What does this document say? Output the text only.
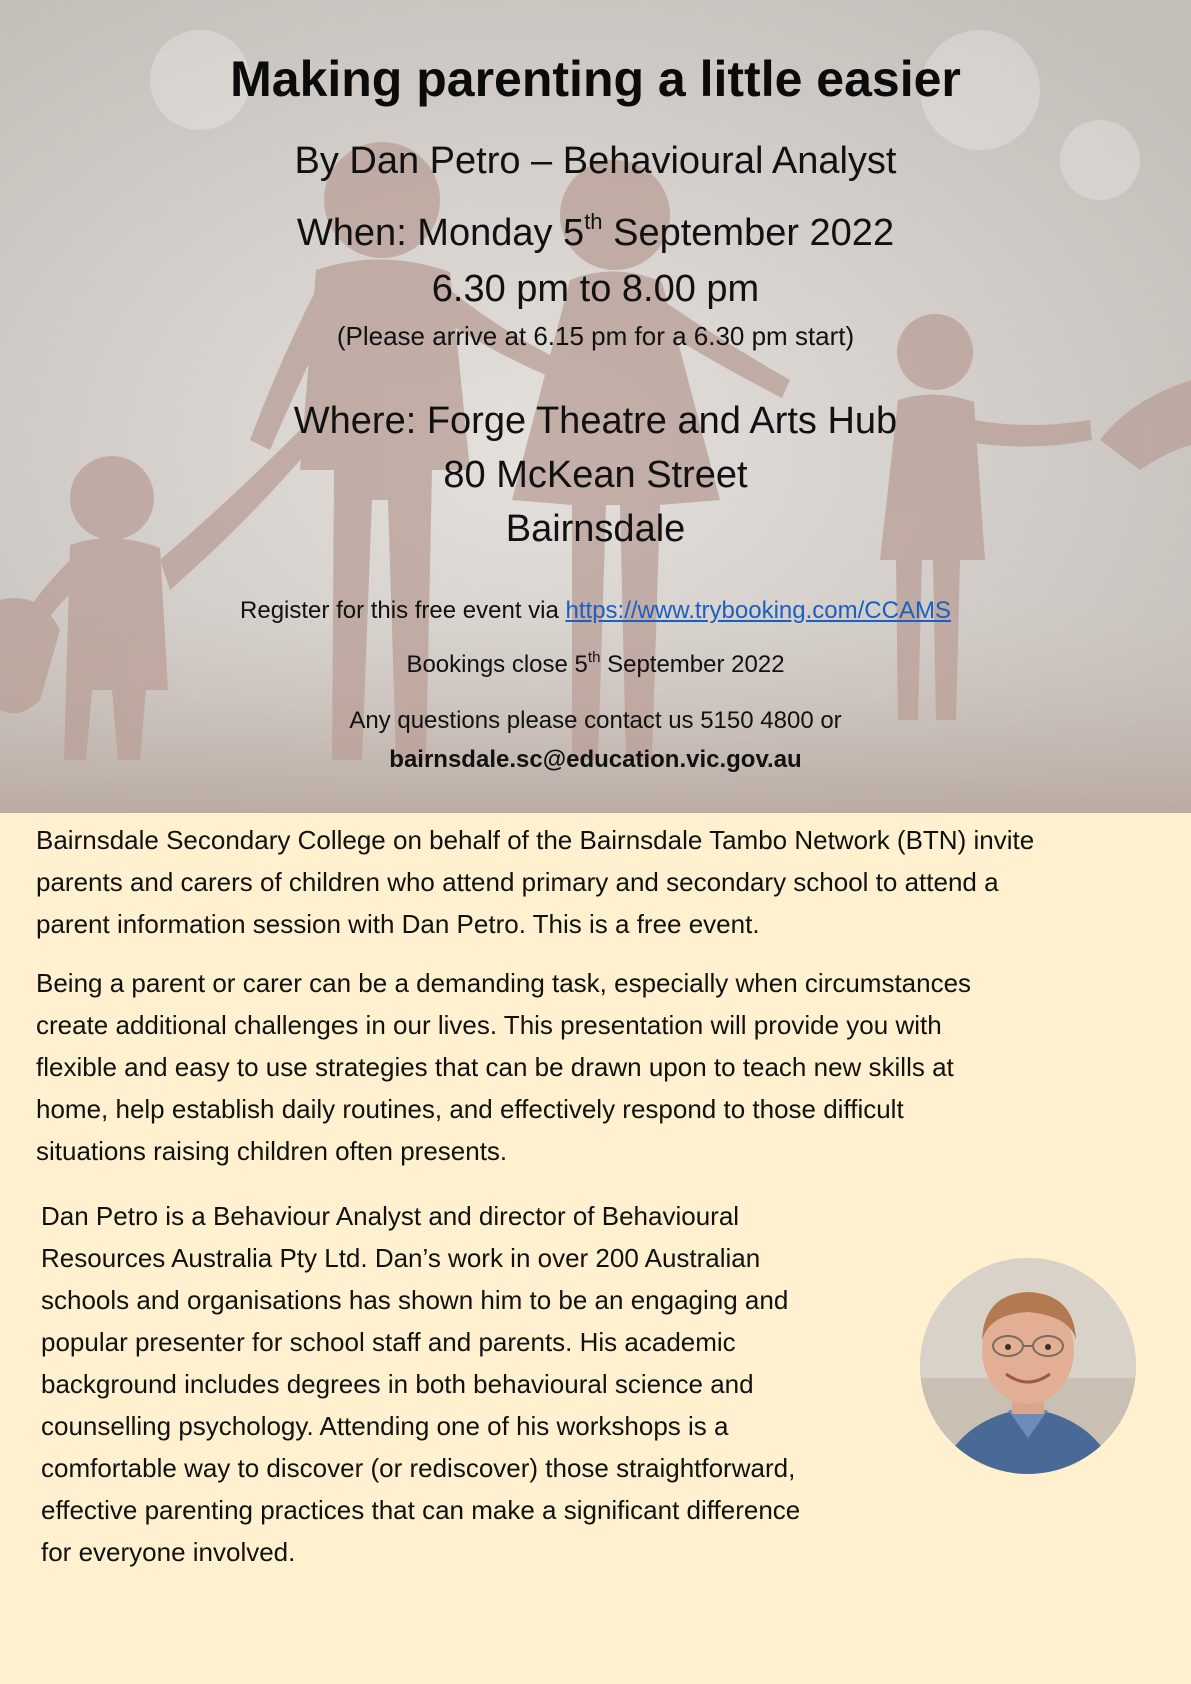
Making parenting a little easier
By Dan Petro – Behavioural Analyst
When: Monday 5th September 2022
6.30 pm to 8.00 pm
(Please arrive at 6.15 pm for a 6.30 pm start)
Where: Forge Theatre and Arts Hub
80 McKean Street
Bairnsdale
Register for this free event via https://www.trybooking.com/CCAMS
Bookings close 5th September 2022
Any questions please contact us 5150 4800 or
bairnsdale.sc@education.vic.gov.au
Bairnsdale Secondary College on behalf of the Bairnsdale Tambo Network (BTN) invite
parents and carers of children who attend primary and secondary school to attend a
parent information session with Dan Petro. This is a free event.
Being a parent or carer can be a demanding task, especially when circumstances
create additional challenges in our lives. This presentation will provide you with
flexible and easy to use strategies that can be drawn upon to teach new skills at
home, help establish daily routines, and effectively respond to those difficult
situations raising children often presents.
Dan Petro is a Behaviour Analyst and director of Behavioural
Resources Australia Pty Ltd. Dan’s work in over 200 Australian
schools and organisations has shown him to be an engaging and
popular presenter for school staff and parents. His academic
background includes degrees in both behavioural science and
counselling psychology. Attending one of his workshops is a
comfortable way to discover (or rediscover) those straightforward,
effective parenting practices that can make a significant difference
for everyone involved.
